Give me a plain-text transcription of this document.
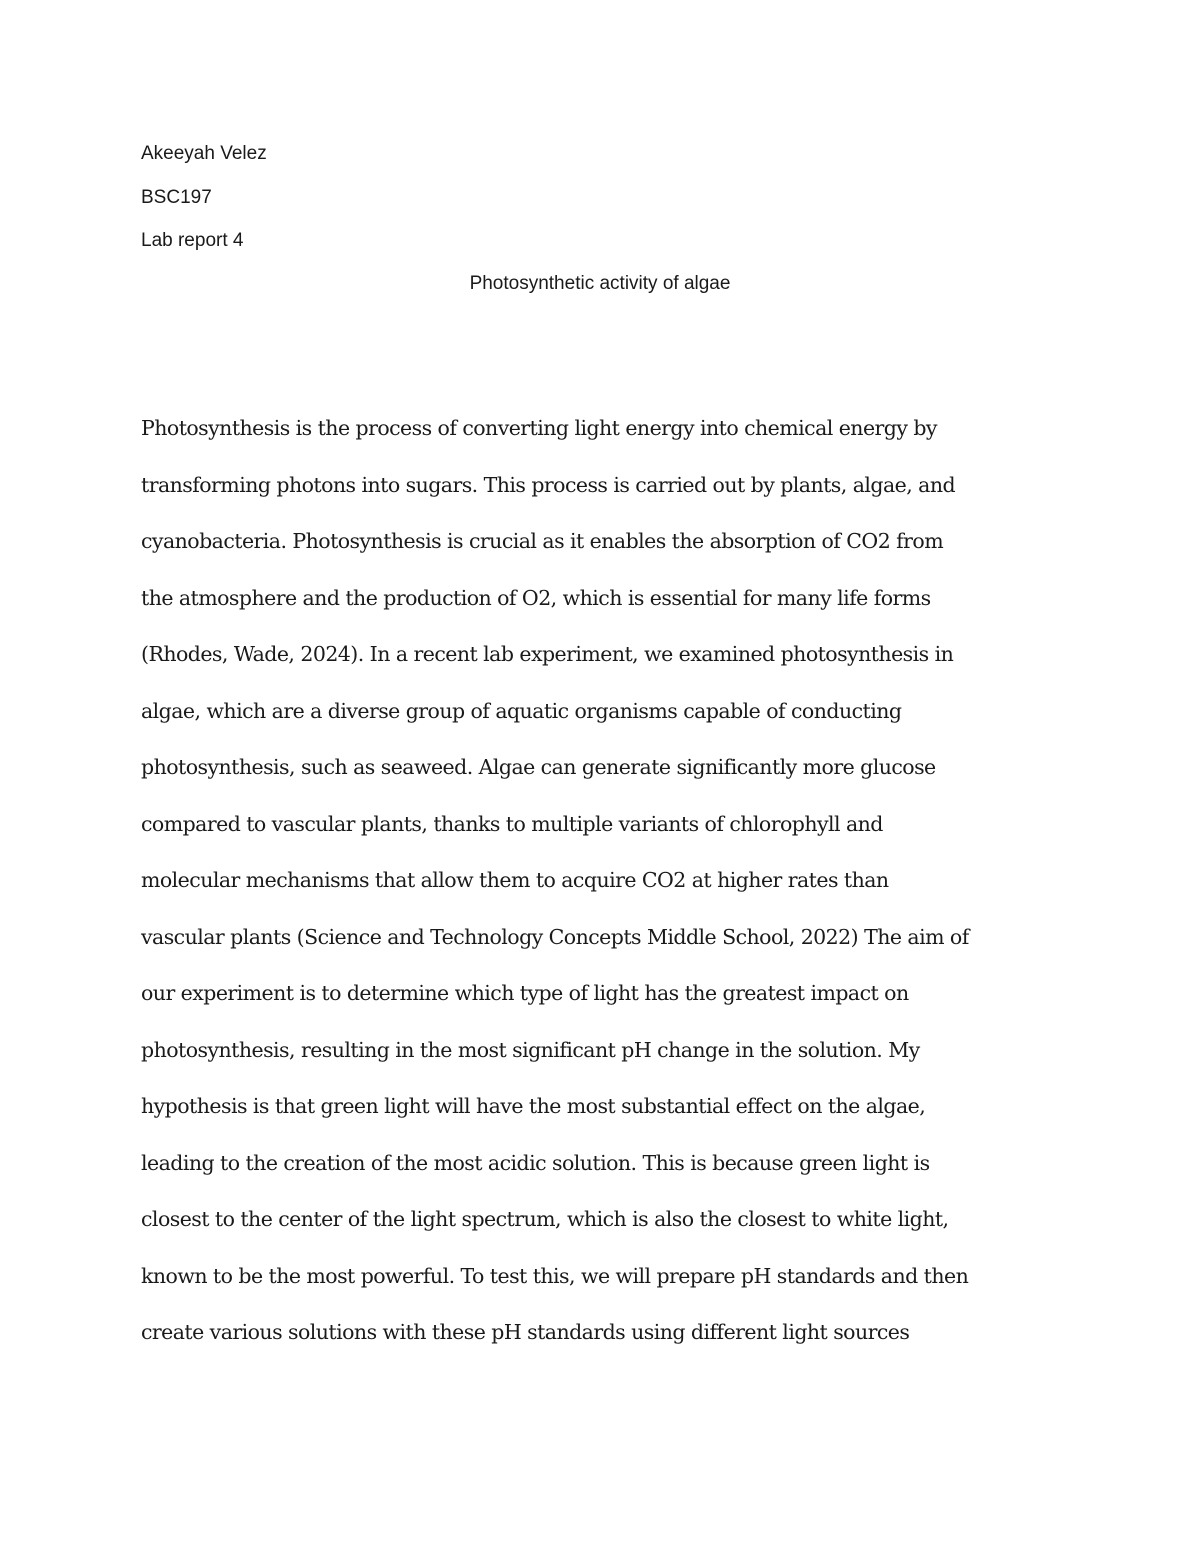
Akeeyah Velez
BSC197
Lab report 4
Photosynthetic activity of algae
Photosynthesis is the process of converting light energy into chemical energy by
transforming photons into sugars. This process is carried out by plants, algae, and
cyanobacteria. Photosynthesis is crucial as it enables the absorption of CO2 from
the atmosphere and the production of O2, which is essential for many life forms
(Rhodes, Wade, 2024). In a recent lab experiment, we examined photosynthesis in
algae, which are a diverse group of aquatic organisms capable of conducting
photosynthesis, such as seaweed. Algae can generate significantly more glucose
compared to vascular plants, thanks to multiple variants of chlorophyll and
molecular mechanisms that allow them to acquire CO2 at higher rates than
vascular plants (Science and Technology Concepts Middle School, 2022) The aim of
our experiment is to determine which type of light has the greatest impact on
photosynthesis, resulting in the most significant pH change in the solution. My
hypothesis is that green light will have the most substantial effect on the algae,
leading to the creation of the most acidic solution. This is because green light is
closest to the center of the light spectrum, which is also the closest to white light,
known to be the most powerful. To test this, we will prepare pH standards and then
create various solutions with these pH standards using different light sources
